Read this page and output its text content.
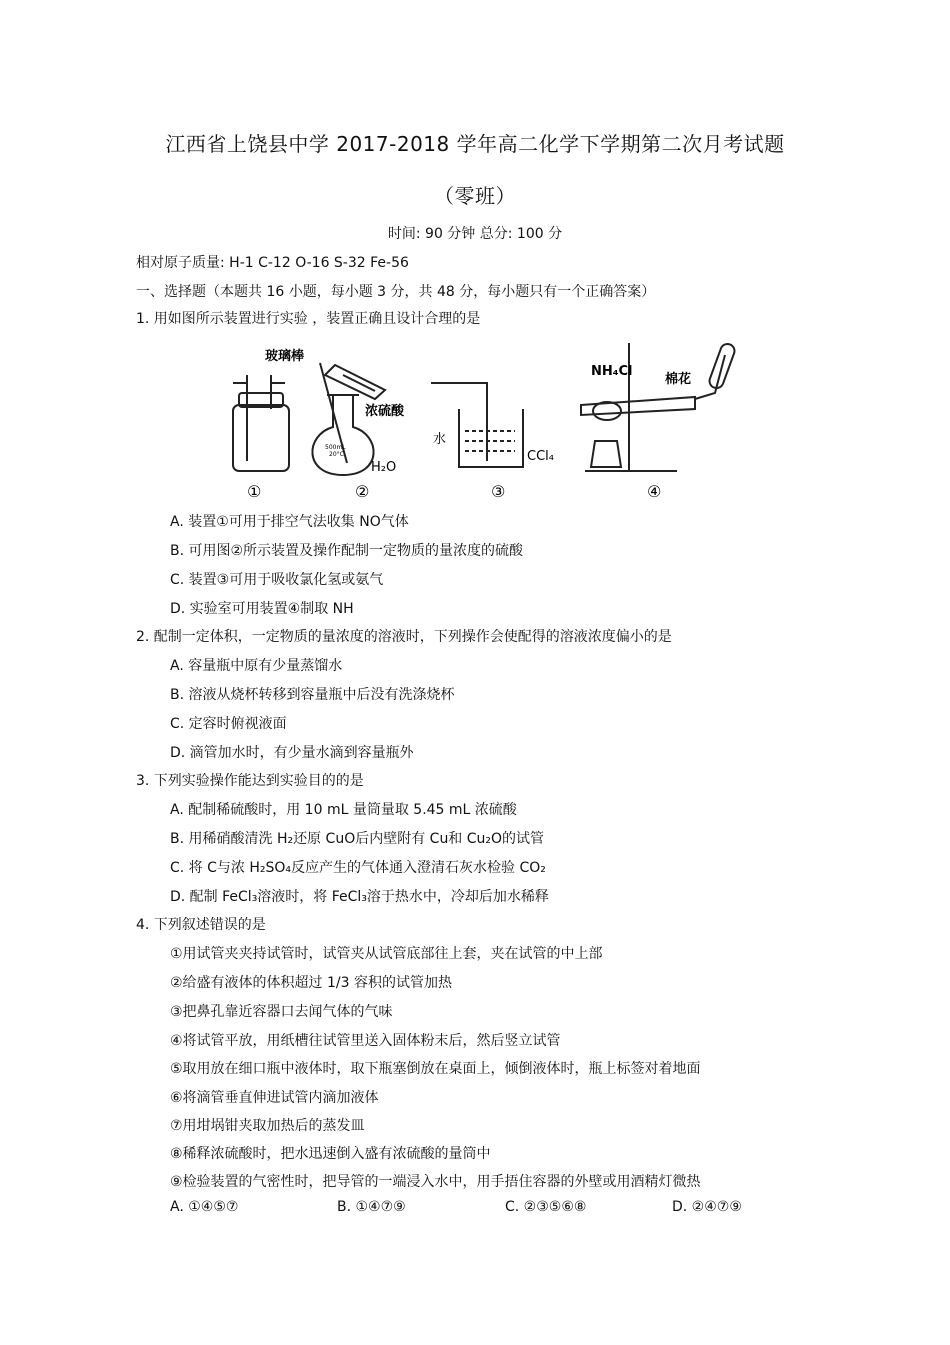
江西省上饶县中学 2017-2018 学年高二化学下学期第二次月考试题
（零班）
时间: 90 分钟 总分: 100 分
相对原子质量: H-1 C-12 O-16 S-32 Fe-56
一、选择题（本题共 16 小题，每小题 3 分，共 48 分，每小题只有一个正确答案）
1. 用如图所示装置进行实验 ，装置正确且设计合理的是
玻璃棒
浓硫酸
500mL
20°C
H₂O
水
CCl₄
NH₄Cl
棉花
①	②	③	④
A. 装置①可用于排空气法收集 NO气体
B. 可用图②所示装置及操作配制一定物质的量浓度的硫酸
C. 装置③可用于吸收氯化氢或氨气
D. 实验室可用装置④制取 NH
2. 配制一定体积，一定物质的量浓度的溶液时，下列操作会使配得的溶液浓度偏小的是
A. 容量瓶中原有少量蒸馏水
B. 溶液从烧杯转移到容量瓶中后没有洗涤烧杯
C. 定容时俯视液面
D. 滴管加水时，有少量水滴到容量瓶外
3. 下列实验操作能达到实验目的的是
A. 配制稀硫酸时，用 10 mL 量筒量取 5.45 mL 浓硫酸
B. 用稀硝酸清洗 H₂还原 CuO后内壁附有 Cu和 Cu₂O的试管
C. 将 C与浓 H₂SO₄反应产生的气体通入澄清石灰水检验 CO₂
D. 配制 FeCl₃溶液时，将 FeCl₃溶于热水中，冷却后加水稀释
4. 下列叙述错误的是
①用试管夹夹持试管时，试管夹从试管底部往上套，夹在试管的中上部
②给盛有液体的体积超过 1/3 容积的试管加热
③把鼻孔靠近容器口去闻气体的气味
④将试管平放，用纸槽往试管里送入固体粉末后，然后竖立试管
⑤取用放在细口瓶中液体时，取下瓶塞倒放在桌面上，倾倒液体时，瓶上标签对着地面
⑥将滴管垂直伸进试管内滴加液体
⑦用坩埚钳夹取加热后的蒸发皿
⑧稀释浓硫酸时，把水迅速倒入盛有浓硫酸的量筒中
⑨检验装置的气密性时，把导管的一端浸入水中，用手捂住容器的外壁或用酒精灯微热
A. ①④⑤⑦	B. ①④⑦⑨	C. ②③⑤⑥⑧	D. ②④⑦⑨
